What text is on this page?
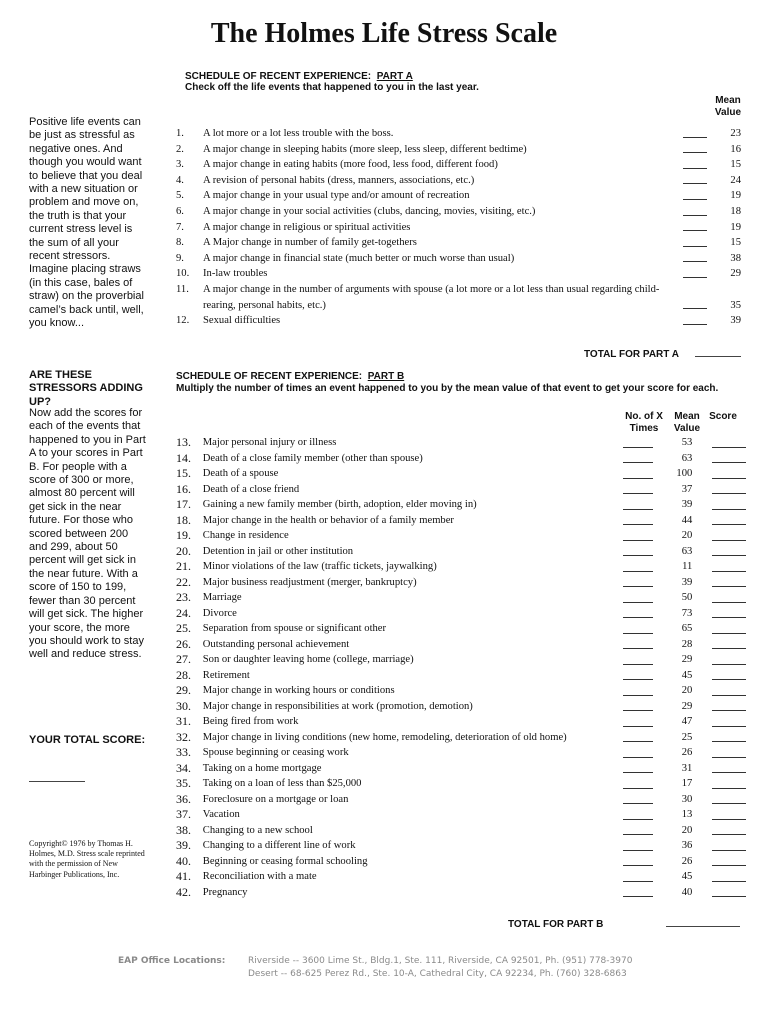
The Holmes Life Stress Scale
Positive life events can be just as stressful as negative ones. And though you would want to believe that you deal with a new situation or problem and move on, the truth is that your current stress level is the sum of all your recent stressors. Imagine placing straws (in this case, bales of straw) on the proverbial camel’s back until, well, you know...
ARE THESE STRESSORS ADDING UP?
Now add the scores for each of the events that happened to you in Part A to your scores in Part B. For people with a score of 300 or more, almost 80 percent will get sick in the near future. For those who scored between 200 and 299, about 50 percent will get sick in the near future. With a score of 150 to 199, fewer than 30 percent will get sick. The higher your score, the more you should work to stay well and reduce stress.
YOUR TOTAL SCORE:
Copyright© 1976 by Thomas H. Holmes, M.D. Stress scale reprinted with the permission of New Harbinger Publications, Inc.
SCHEDULE OF RECENT EXPERIENCE: PART A
Check off the life events that happened to you in the last year.
Mean Value
1.	A lot more or a lot less trouble with the boss.	23
2.	A major change in sleeping habits (more sleep, less sleep, different bedtime)	16
3.	A major change in eating habits (more food, less food, different food)	15
4.	A revision of personal habits (dress, manners, associations, etc.)	24
5.	A major change in your usual type and/or amount of recreation	19
6.	A major change in your social activities (clubs, dancing, movies, visiting, etc.)	18
7.	A major change in religious or spiritual activities	19
8.	A Major change in number of family get-togethers	15
9.	A major change in financial state (much better or much worse than usual)	38
10.	In-law troubles	29
11.	A major change in the number of arguments with spouse (a lot more or a lot less than usual regarding child-rearing, personal habits, etc.)	35
12.	Sexual difficulties	39
TOTAL FOR PART A
SCHEDULE OF RECENT EXPERIENCE: PART B
Multiply the number of times an event happened to you by the mean value of that event to get your score for each.
No. of X Times
Mean Value
Score
13.	Major personal injury or illness	53
14.	Death of a close family member (other than spouse)	63
15.	Death of a spouse	100
16.	Death of a close friend	37
17.	Gaining a new family member (birth, adoption, elder moving in)	39
18.	Major change in the health or behavior of a family member	44
19.	Change in residence	20
20.	Detention in jail or other institution	63
21.	Minor violations of the law (traffic tickets, jaywalking)	11
22.	Major business readjustment (merger, bankruptcy)	39
23.	Marriage	50
24.	Divorce	73
25.	Separation from spouse or significant other	65
26.	Outstanding personal achievement	28
27.	Son or daughter leaving home (college, marriage)	29
28.	Retirement	45
29.	Major change in working hours or conditions	20
30.	Major change in responsibilities at work (promotion, demotion)	29
31.	Being fired from work	47
32.	Major change in living conditions (new home, remodeling, deterioration of old home)	25
33.	Spouse beginning or ceasing work	26
34.	Taking on a home mortgage	31
35.	Taking on a loan of less than $25,000	17
36.	Foreclosure on a mortgage or loan	30
37.	Vacation	13
38.	Changing to a new school	20
39.	Changing to a different line of work	36
40.	Beginning or ceasing formal schooling	26
41.	Reconciliation with a mate	45
42.	Pregnancy	40
TOTAL FOR PART B
EAP Office Locations:	Riverside -- 3600 Lime St., Bldg.1, Ste. 111, Riverside, CA 92501, Ph. (951) 778-3970
Desert -- 68-625 Perez Rd., Ste. 10-A, Cathedral City, CA 92234, Ph. (760) 328-6863
